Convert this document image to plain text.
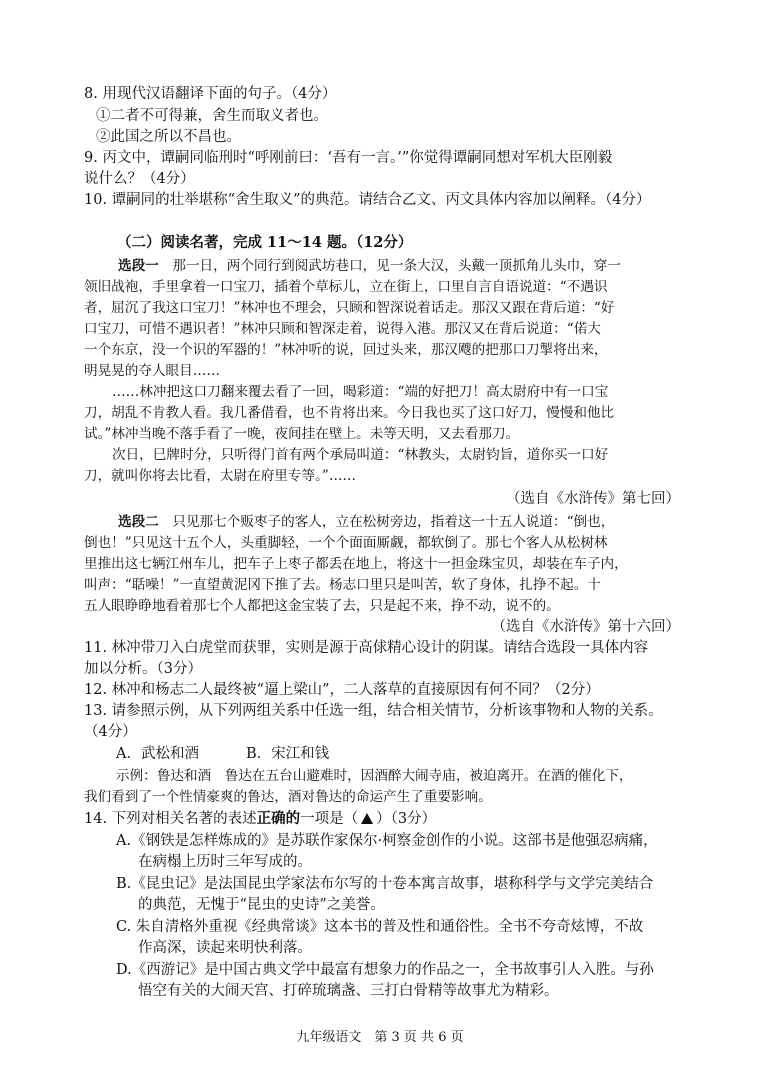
8. 用现代汉语翻译下面的句子。（4分）
①二者不可得兼，舍生而取义者也。
②此国之所以不昌也。
9. 丙文中，谭嗣同临刑时“呼刚前曰：‘吾有一言。’”你觉得谭嗣同想对军机大臣刚毅
说什么？（4分）
10. 谭嗣同的壮举堪称“舍生取义”的典范。请结合乙文、丙文具体内容加以阐释。（4分）
（二）阅读名著，完成 11～14 题。（12分）
选段一　 那一日，两个同行到阅武坊巷口，见一条大汉，头戴一顶抓角儿头巾，穿一
领旧战袍，手里拿着一口宝刀，插着个草标儿，立在街上，口里自言自语说道：“不遇识
者，屈沉了我这口宝刀！”林冲也不理会，只顾和智深说着话走。那汉又跟在背后道：“好
口宝刀，可惜不遇识者！”林冲只顾和智深走着，说得入港。那汉又在背后说道：“偌大
一个东京，没一个识的军器的！”林冲听的说，回过头来，那汉飕的把那口刀掣将出来，
明晃晃的夺人眼目……
……林冲把这口刀翻来覆去看了一回，喝彩道：“端的好把刀！高太尉府中有一口宝
刀，胡乱不肯教人看。我几番借看，也不肯将出来。今日我也买了这口好刀，慢慢和他比
试。”林冲当晚不落手看了一晚，夜间挂在壁上。未等天明，又去看那刀。
次日，巳牌时分，只听得门首有两个承局叫道：“林教头，太尉钧旨，道你买一口好
刀，就叫你将去比看，太尉在府里专等。”……
（选自《水浒传》第七回）
选段二　 只见那七个贩枣子的客人，立在松树旁边，指着这一十五人说道：“倒也，
倒也！”只见这十五个人，头重脚轻，一个个面面厮觑，都软倒了。那七个客人从松树林
里推出这七辆江州车儿，把车子上枣子都丢在地上，将这十一担金珠宝贝，却装在车子内，
叫声：“聒噪！”一直望黄泥冈下推了去。杨志口里只是叫苦，软了身体，扎挣不起。十
五人眼睁睁地看着那七个人都把这金宝装了去，只是起不来，挣不动，说不的。
（选自《水浒传》第十六回）
11. 林冲带刀入白虎堂而获罪，实则是源于高俅精心设计的阴谋。请结合选段一具体内容
加以分析。（3分）
12. 林冲和杨志二人最终被“逼上梁山”，二人落草的直接原因有何不同？（2分）
13. 请参照示例，从下列两组关系中任选一组，结合相关情节，分析该事物和人物的关系。
（4分）
A．武松和酒	B．宋江和钱
示例：鲁达和酒　鲁达在五台山避难时，因酒醉大闹寺庙，被迫离开。在酒的催化下，
我们看到了一个性情豪爽的鲁达，酒对鲁达的命运产生了重要影响。
14. 下列对相关名著的表述正确的一项是（ ）（3分）
A.《钢铁是怎样炼成的》是苏联作家保尔·柯察金创作的小说。这部书是他强忍病痛，
在病榻上历时三年写成的。
B.《昆虫记》是法国昆虫学家法布尔写的十卷本寓言故事，堪称科学与文学完美结合
的典范，无愧于“昆虫的史诗”之美誉。
C. 朱自清格外重视《经典常谈》这本书的普及性和通俗性。全书不夸奇炫博，不故
作高深，读起来明快利落。
D.《西游记》是中国古典文学中最富有想象力的作品之一，全书故事引人入胜。与孙
悟空有关的大闹天宫、打碎琉璃盏、三打白骨精等故事尤为精彩。
九年级语文　第 3 页 共 6 页
